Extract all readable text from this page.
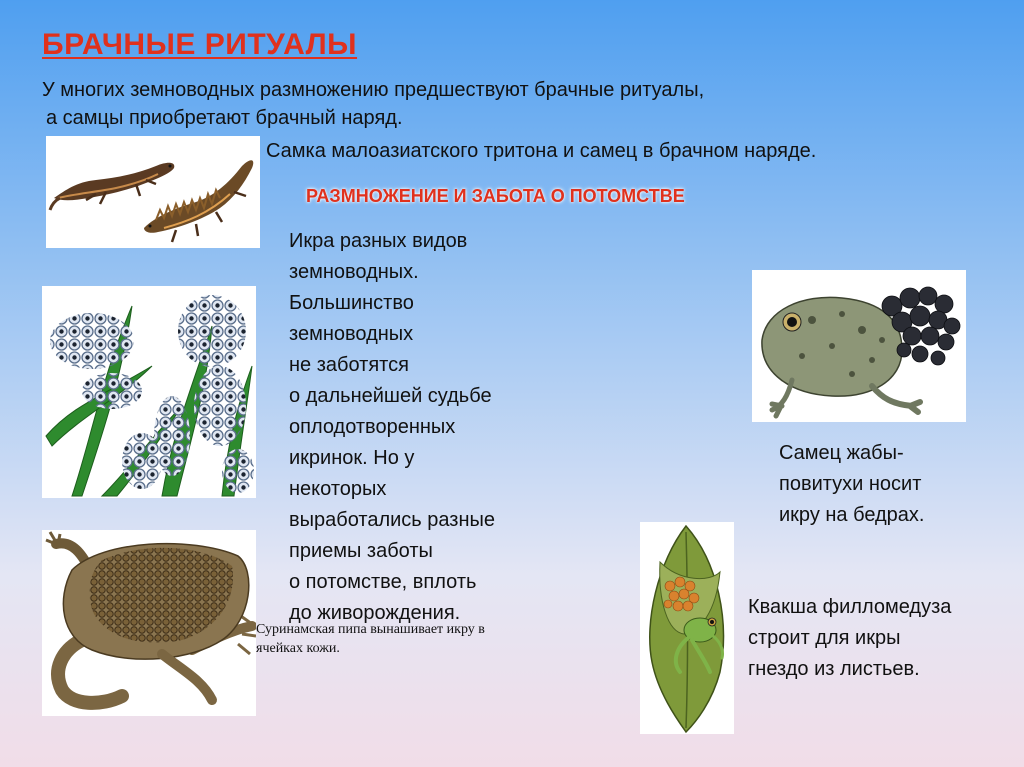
БРАЧНЫЕ РИТУАЛЫ
У многих земноводных размножению предшествуют брачные ритуалы,
а самцы приобретают брачный наряд.
Самка малоазиатского тритона и самец в брачном наряде.
РАЗМНОЖЕНИЕ И ЗАБОТА О ПОТОМСТВЕ
Икра разных видов
земноводных.
Большинство
земноводных
не заботятся
о дальнейшей судьбе
оплодотворенных
икринок. Но у
некоторых
выработались разные
приемы заботы
о потомстве, вплоть
до живорождения.
Суринамская пипа вынашивает икру в
ячейках кожи.
Самец жабы-
повитухи носит
икру на бедрах.
Квакша филломедуза
строит для икры
гнездо из листьев.
